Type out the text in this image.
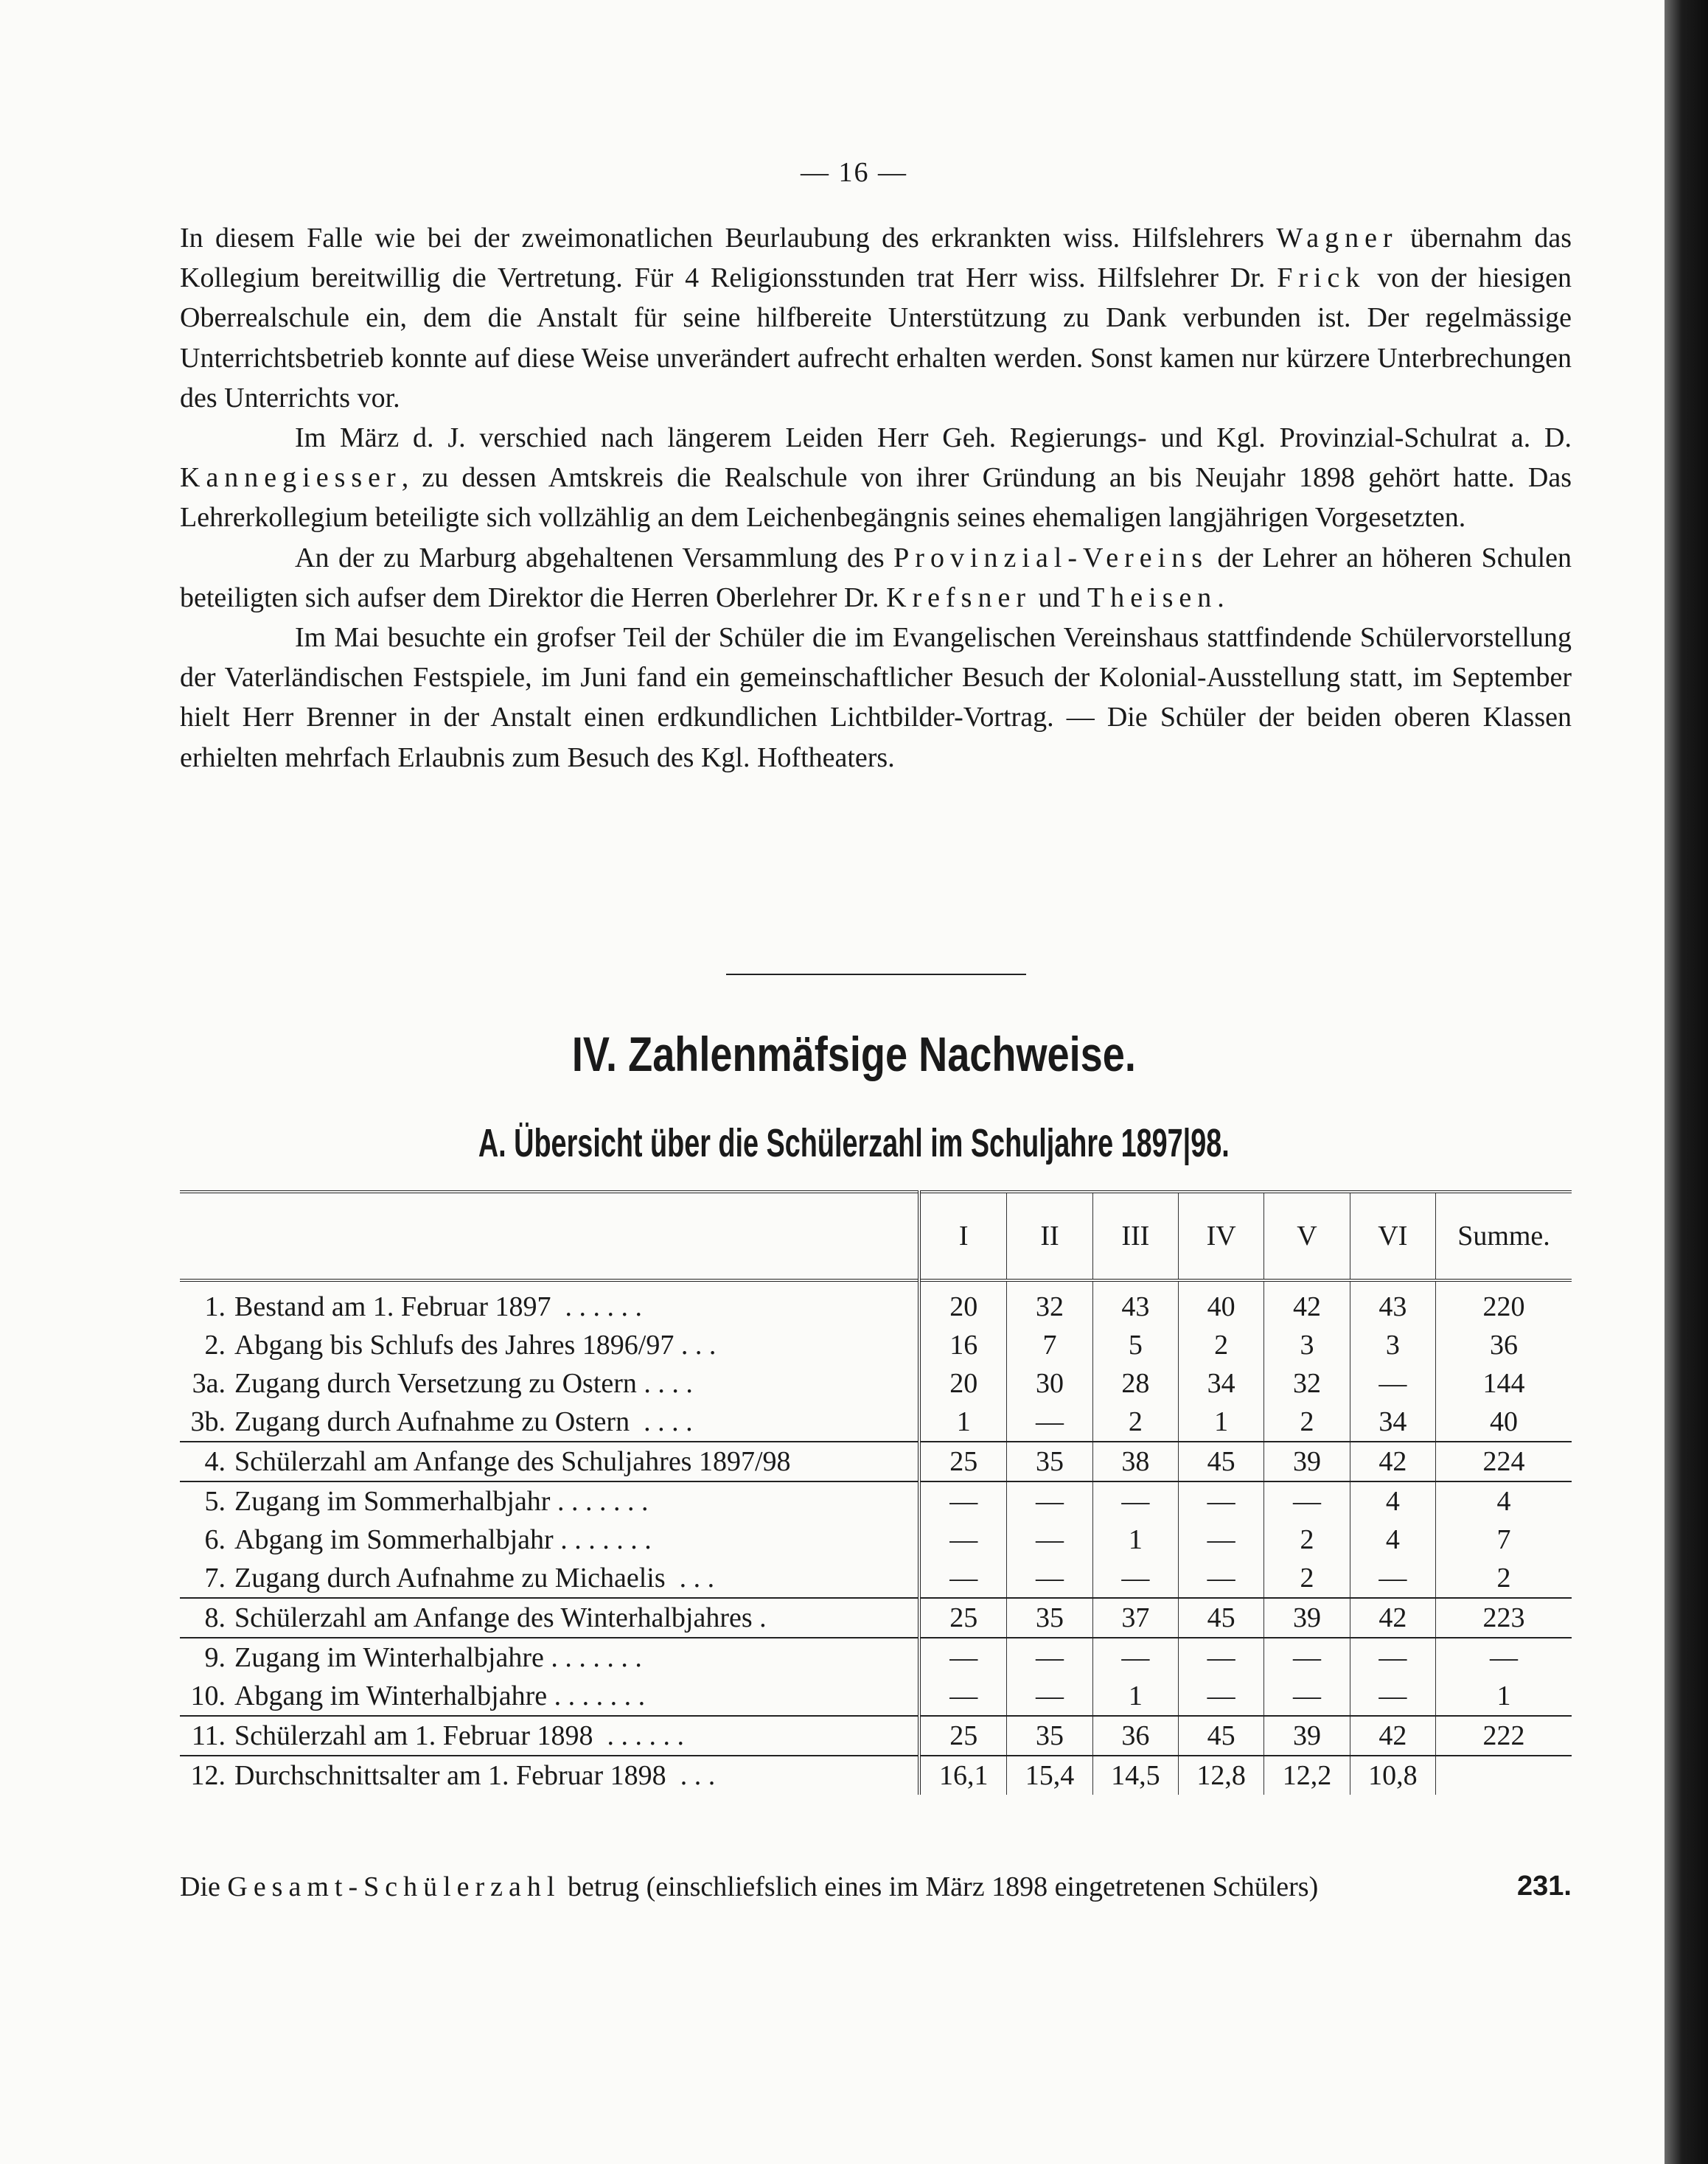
— 16 —

In diesem Falle wie bei der zweimonatlichen Beurlaubung des erkrankten wiss. Hilfslehrers Wagner übernahm das Kollegium bereitwillig die Vertretung. Für 4 Religionsstunden trat Herr wiss. Hilfslehrer Dr. Frick von der hiesigen Oberrealschule ein, dem die Anstalt für seine hilfbereite Unterstützung zu Dank verbunden ist. Der regelmässige Unterrichtsbetrieb konnte auf diese Weise unverändert aufrecht erhalten werden. Sonst kamen nur kürzere Unterbrechungen des Unterrichts vor.

Im März d. J. verschied nach längerem Leiden Herr Geh. Regierungs- und Kgl. Provinzial-Schulrat a. D. Kannegiesser, zu dessen Amtskreis die Realschule von ihrer Gründung an bis Neujahr 1898 gehört hatte. Das Lehrerkollegium beteiligte sich vollzählig an dem Leichenbegängnis seines ehemaligen langjährigen Vorgesetzten.

An der zu Marburg abgehaltenen Versammlung des Provinzial-Vereins der Lehrer an höheren Schulen beteiligten sich aufser dem Direktor die Herren Oberlehrer Dr. Krefsner und Theisen.

Im Mai besuchte ein grofser Teil der Schüler die im Evangelischen Vereinshaus stattfindende Schülervorstellung der Vaterländischen Festspiele, im Juni fand ein gemeinschaftlicher Besuch der Kolonial-Ausstellung statt, im September hielt Herr Brenner in der Anstalt einen erdkundlichen Lichtbilder-Vortrag. — Die Schüler der beiden oberen Klassen erhielten mehrfach Erlaubnis zum Besuch des Kgl. Hoftheaters.

IV. Zahlenmäfsige Nachweise.
A. Übersicht über die Schülerzahl im Schuljahre 1897|98.
	I	II	III	IV	V	VI	Summe.
1. Bestand am 1. Februar 1897  . . . . . .	20	32	43	40	42	43	220
2. Abgang bis Schlufs des Jahres 1896/97 . . .	16	7	5	2	3	3	36
3a. Zugang durch Versetzung zu Ostern . . . .	20	30	28	34	32	—	144
3b. Zugang durch Aufnahme zu Ostern  . . . .	1	—	2	1	2	34	40
4. Schülerzahl am Anfange des Schuljahres 1897/98	25	35	38	45	39	42	224
5. Zugang im Sommerhalbjahr . . . . . . .	—	—	—	—	—	4	4
6. Abgang im Sommerhalbjahr . . . . . . .	—	—	1	—	2	4	7
7. Zugang durch Aufnahme zu Michaelis  . . .	—	—	—	—	2	—	2
8. Schülerzahl am Anfange des Winterhalbjahres .	25	35	37	45	39	42	223
9. Zugang im Winterhalbjahre . . . . . . .	—	—	—	—	—	—	—
10. Abgang im Winterhalbjahre . . . . . . .	—	—	1	—	—	—	1
11. Schülerzahl am 1. Februar 1898  . . . . . .	25	35	36	45	39	42	222
12. Durchschnittsalter am 1. Februar 1898  . . .	16,1	15,4	14,5	12,8	12,2	10,8	
Die Gesamt-Schülerzahl betrug (einschliefslich eines im März 1898 eingetretenen Schülers)	231.
